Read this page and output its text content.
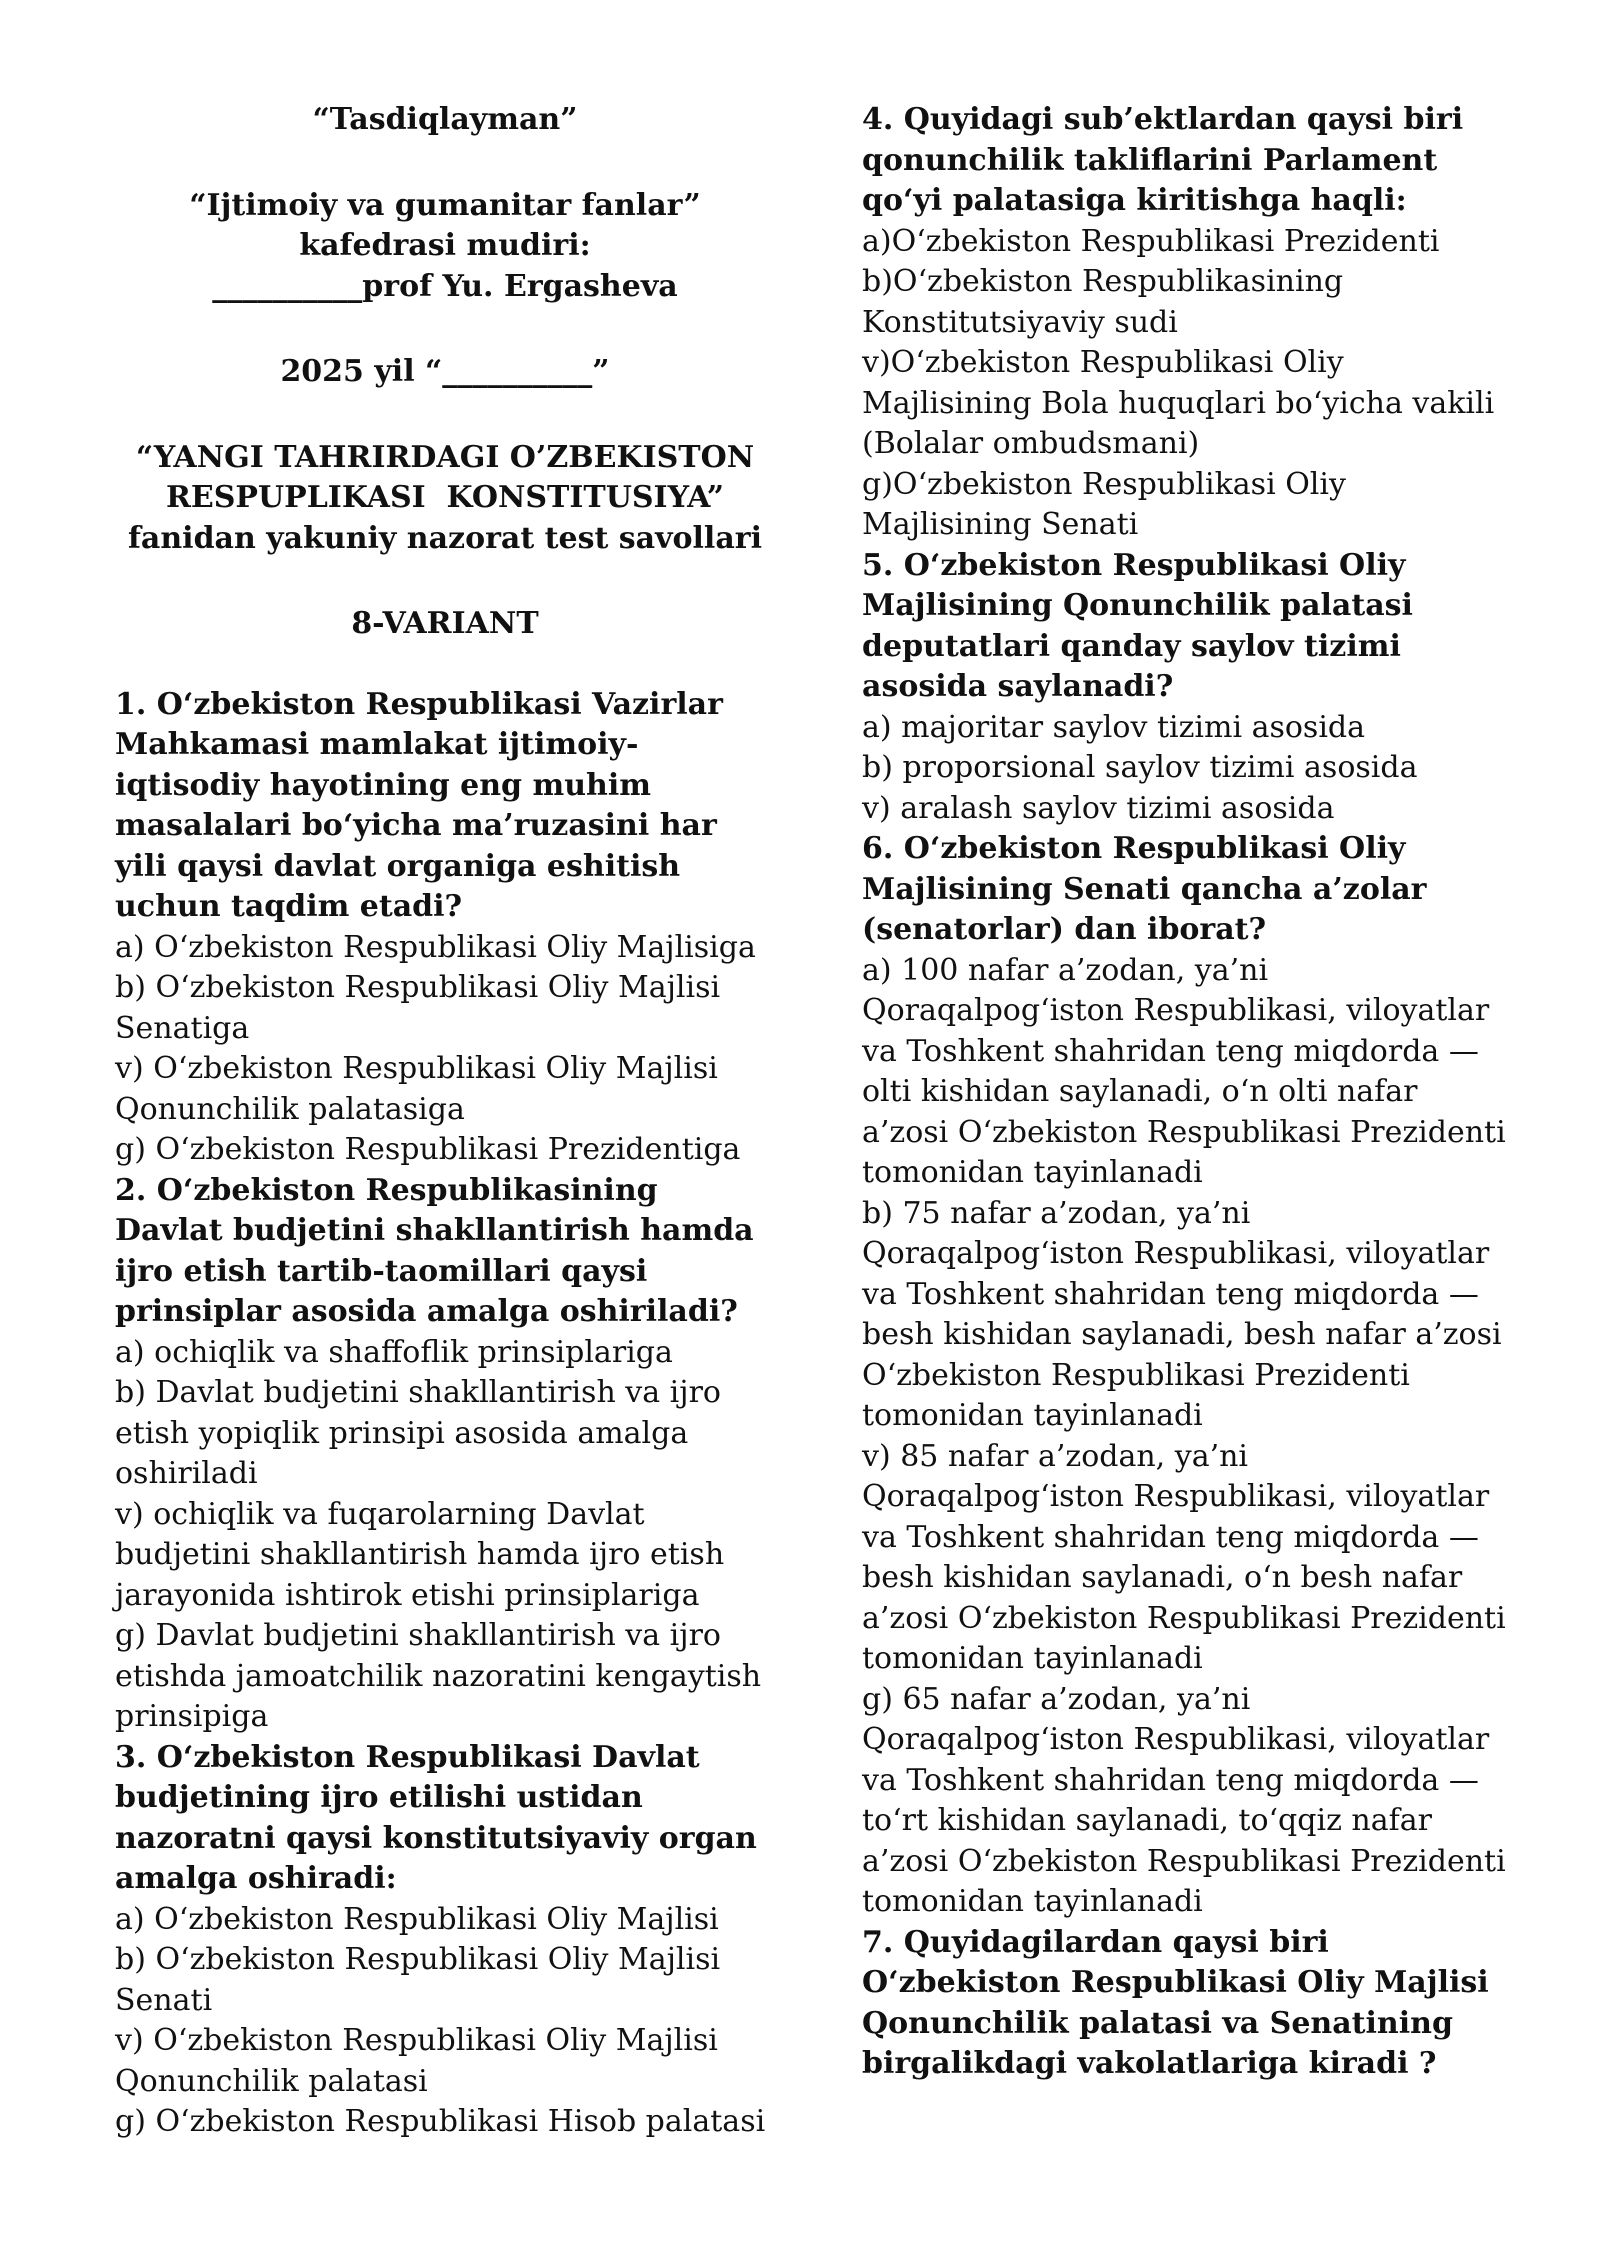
“Tasdiqlayman”
“Ijtimoiy va gumanitar fanlar”
kafedrasi mudiri:
__________prof Yu. Ergasheva
2025 yil “__________”
“YANGI TAHRIRDAGI O’ZBEKISTON
RESPUPLIKASI  KONSTITUSIYA”
fanidan yakuniy nazorat test savollari
8-VARIANT

1. O‘zbekiston Respublikasi Vazirlar Mahkamasi mamlakat ijtimoiy-iqtisodiy hayotining eng muhim masalalari bo‘yicha ma’ruzasini har yili qaysi davlat organiga eshitish uchun taqdim etadi?

a) O‘zbekiston Respublikasi Oliy Majlisiga

b) O‘zbekiston Respublikasi Oliy Majlisi Senatiga

v) O‘zbekiston Respublikasi Oliy Majlisi Qonunchilik palatasiga

g) O‘zbekiston Respublikasi Prezidentiga

2. O‘zbekiston Respublikasining Davlat budjetini shakllantirish hamda ijro etish tartib-taomillari qaysi prinsiplar asosida amalga oshiriladi?

a) ochiqlik va shaffoflik prinsiplariga

b) Davlat budjetini shakllantirish va ijro etish yopiqlik prinsipi asosida amalga oshiriladi

v) ochiqlik va fuqarolarning Davlat budjetini shakllantirish hamda ijro etish jarayonida ishtirok etishi prinsiplariga

g) Davlat budjetini shakllantirish va ijro etishda jamoatchilik nazoratini kengaytish prinsipiga

3. O‘zbekiston Respublikasi Davlat budjetining ijro etilishi ustidan nazoratni qaysi konstitutsiyaviy organ amalga oshiradi:

a) O‘zbekiston Respublikasi Oliy Majlisi

b) O‘zbekiston Respublikasi Oliy Majlisi Senati

v) O‘zbekiston Respublikasi Oliy Majlisi Qonunchilik palatasi

g) O‘zbekiston Respublikasi Hisob palatasi

4. Quyidagi sub’ektlardan qaysi biri qonunchilik takliflarini Parlament qo‘yi palatasiga kiritishga haqli:

a)O‘zbekiston Respublikasi Prezidenti

b)O‘zbekiston Respublikasining Konstitutsiyaviy sudi

v)O‘zbekiston Respublikasi Oliy Majlisining Bola huquqlari bo‘yicha vakili (Bolalar ombudsmani)

g)O‘zbekiston Respublikasi Oliy Majlisining Senati

5. O‘zbekiston Respublikasi Oliy Majlisining Qonunchilik palatasi deputatlari qanday saylov tizimi asosida saylanadi?

a) majoritar saylov tizimi asosida

b) proporsional saylov tizimi asosida

v) aralash saylov tizimi asosida

6. O‘zbekiston Respublikasi Oliy Majlisining Senati qancha a’zolar (senatorlar) dan iborat?

a) 100 nafar a’zodan, ya’ni Qoraqalpog‘iston Respublikasi, viloyatlar va Toshkent shahridan teng miqdorda — olti kishidan saylanadi, o‘n olti nafar a’zosi O‘zbekiston Respublikasi Prezidenti tomonidan tayinlanadi

b) 75 nafar a’zodan, ya’ni Qoraqalpog‘iston Respublikasi, viloyatlar va Toshkent shahridan teng miqdorda — besh kishidan saylanadi, besh nafar a’zosi O‘zbekiston Respublikasi Prezidenti tomonidan tayinlanadi

v) 85 nafar a’zodan, ya’ni Qoraqalpog‘iston Respublikasi, viloyatlar va Toshkent shahridan teng miqdorda — besh kishidan saylanadi, o‘n besh nafar a’zosi O‘zbekiston Respublikasi Prezidenti tomonidan tayinlanadi

g) 65 nafar a’zodan, ya’ni Qoraqalpog‘iston Respublikasi, viloyatlar va Toshkent shahridan teng miqdorda — to‘rt kishidan saylanadi, to‘qqiz nafar a’zosi O‘zbekiston Respublikasi Prezidenti tomonidan tayinlanadi

7. Quyidagilardan qaysi biri O‘zbekiston Respublikasi Oliy Majlisi Qonunchilik palatasi va Senatining birgalikdagi vakolatlariga kiradi ?
